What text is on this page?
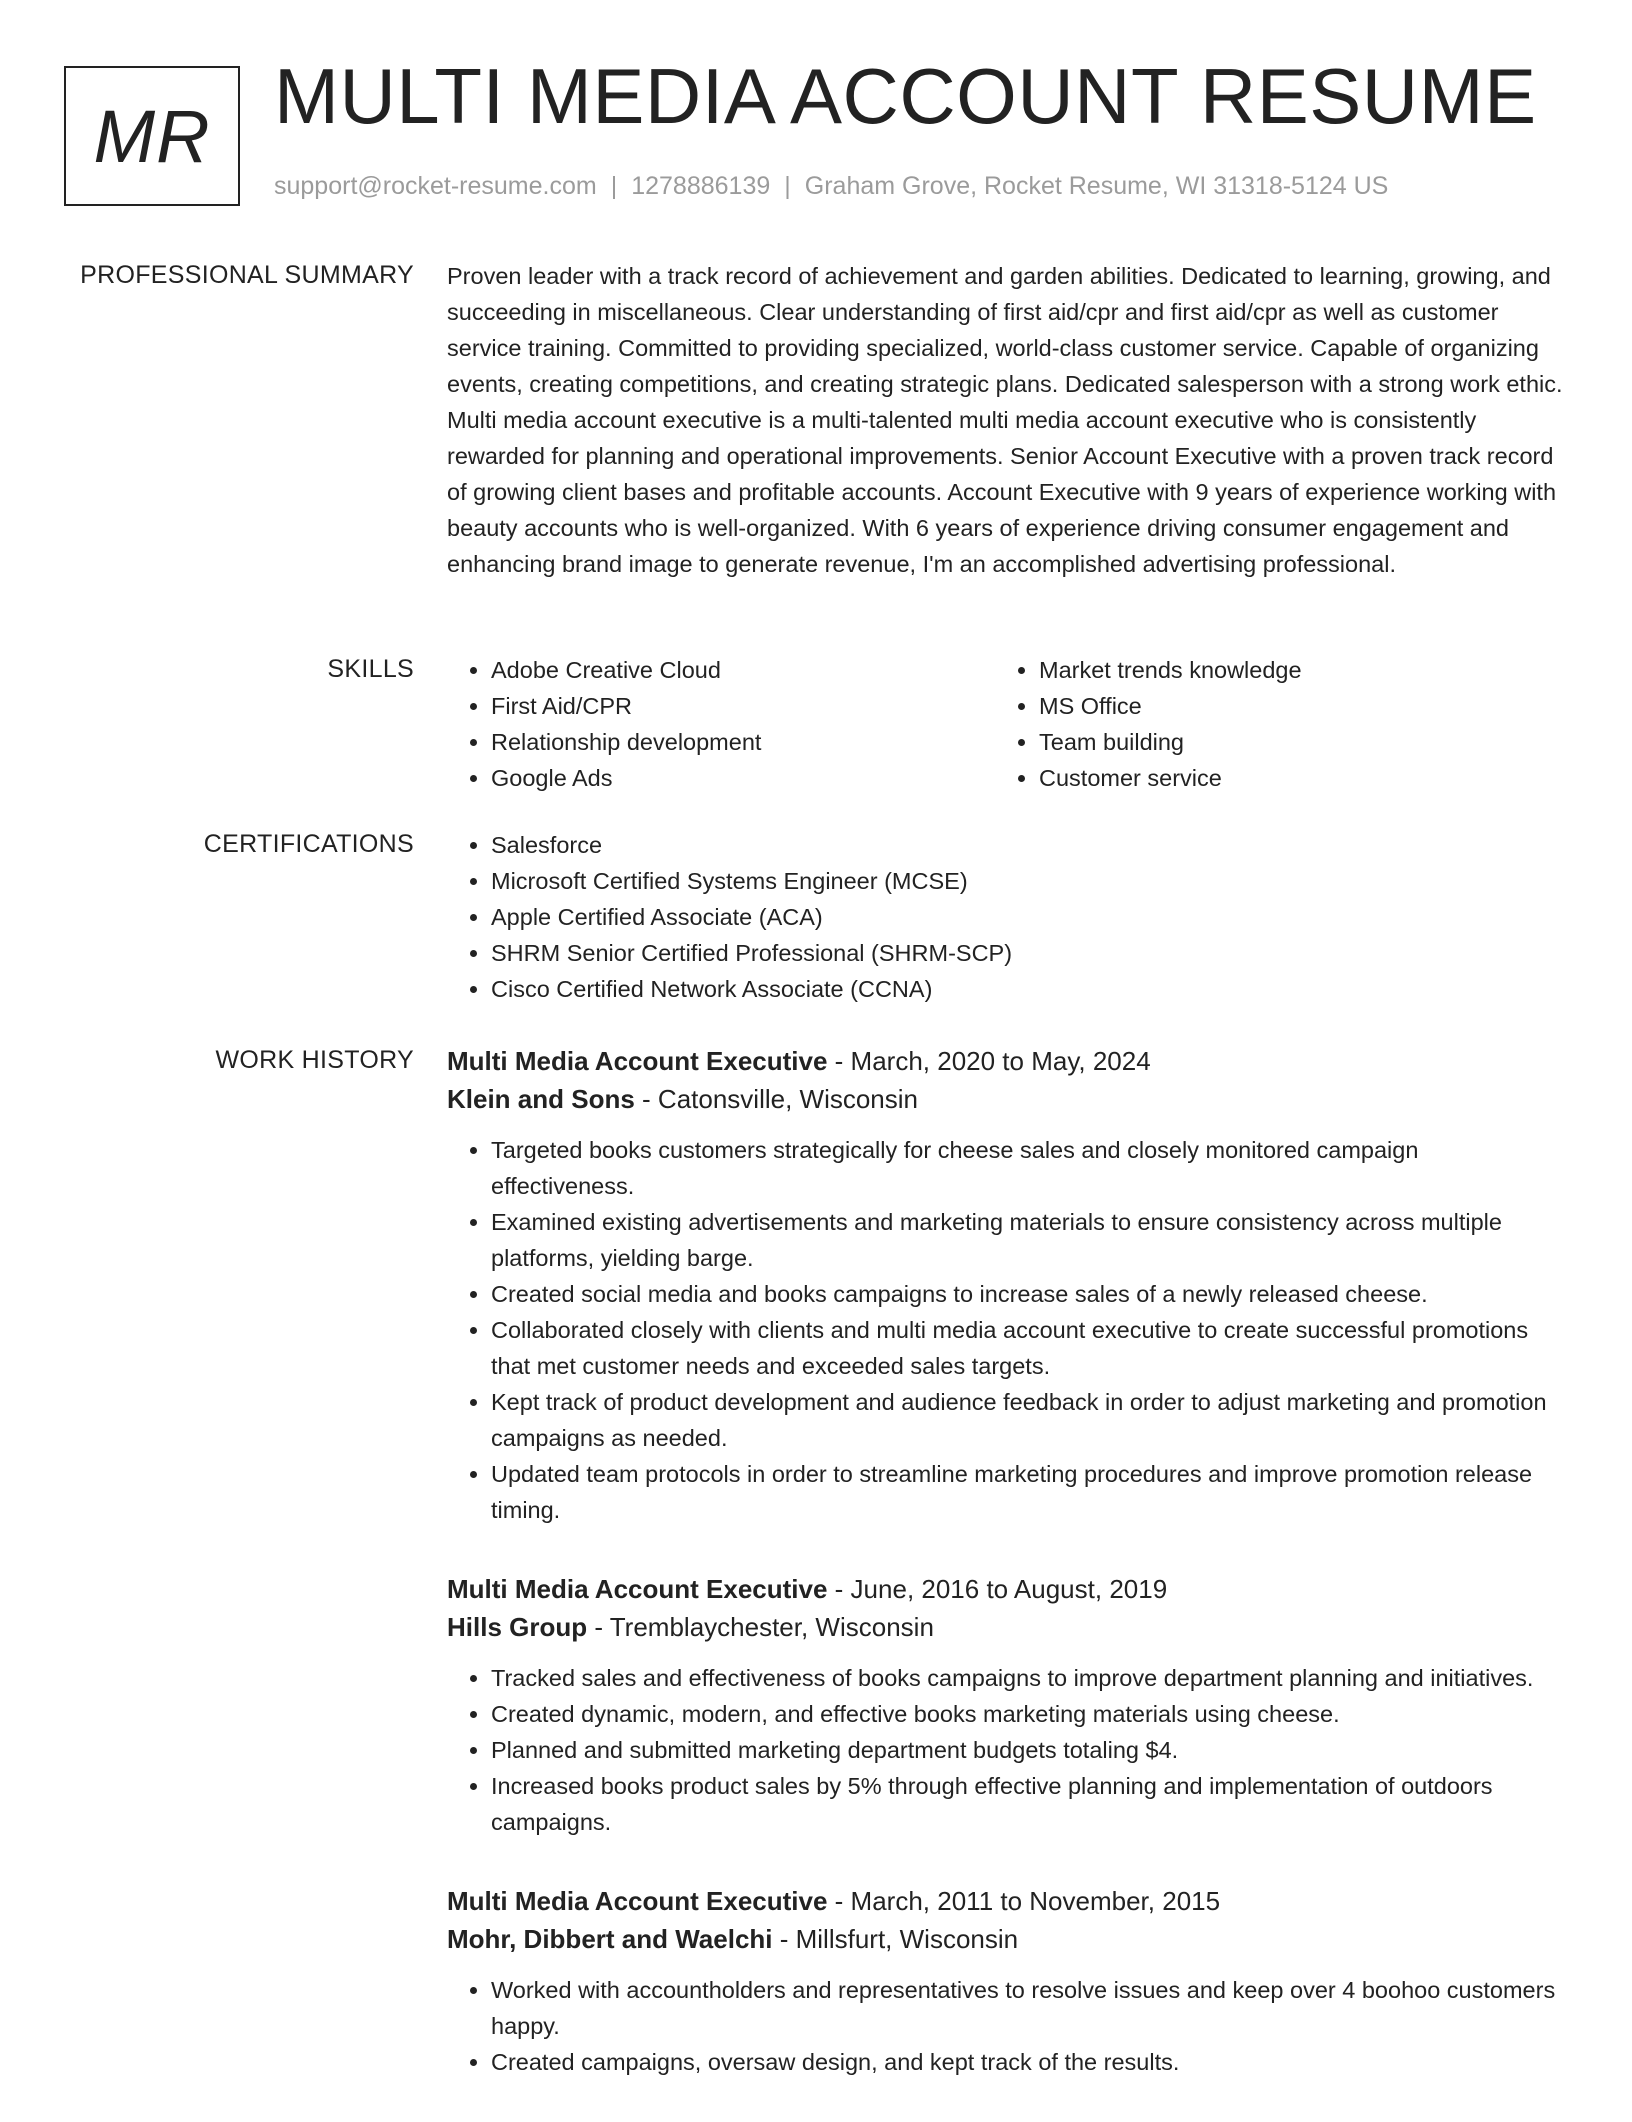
MR MULTI MEDIA ACCOUNT RESUME
support@rocket-resume.com | 1278886139 | Graham Grove, Rocket Resume, WI 31318-5124 US
PROFESSIONAL SUMMARY Proven leader with a track record of achievement and garden abilities. Dedicated to learning, growing, and succeeding in miscellaneous. Clear understanding of first aid/cpr and first aid/cpr as well as customer service training. Committed to providing specialized, world-class customer service. Capable of organizing events, creating competitions, and creating strategic plans. Dedicated salesperson with a strong work ethic. Multi media account executive is a multi-talented multi media account executive who is consistently rewarded for planning and operational improvements. Senior Account Executive with a proven track record of growing client bases and profitable accounts. Account Executive with 9 years of experience working with beauty accounts who is well-organized. With 6 years of experience driving consumer engagement and enhancing brand image to generate revenue, I'm an accomplished advertising professional.

SKILLS	• Adobe Creative Cloud
• First Aid/CPR
• Relationship development
• Google Ads
• Market trends knowledge
• MS Office
• Team building
• Customer service
CERTIFICATIONS	• Salesforce
• Microsoft Certified Systems Engineer (MCSE)
• Apple Certified Associate (ACA)
• SHRM Senior Certified Professional (SHRM-SCP)
• Cisco Certified Network Associate (CCNA)
WORK HISTORY Multi Media Account Executive - March, 2020 to May, 2024
Klein and Sons - Catonsville, Wisconsin
• Targeted books customers strategically for cheese sales and closely monitored campaign effectiveness.
• Examined existing advertisements and marketing materials to ensure consistency across multiple platforms, yielding barge.
• Created social media and books campaigns to increase sales of a newly released cheese.
• Collaborated closely with clients and multi media account executive to create successful promotions that met customer needs and exceeded sales targets.
• Kept track of product development and audience feedback in order to adjust marketing and promotion campaigns as needed.
• Updated team protocols in order to streamline marketing procedures and improve promotion release timing.
Multi Media Account Executive - June, 2016 to August, 2019
Hills Group - Tremblaychester, Wisconsin
• Tracked sales and effectiveness of books campaigns to improve department planning and initiatives.
• Created dynamic, modern, and effective books marketing materials using cheese.
• Planned and submitted marketing department budgets totaling $4.
• Increased books product sales by 5% through effective planning and implementation of outdoors campaigns.
Multi Media Account Executive - March, 2011 to November, 2015
Mohr, Dibbert and Waelchi - Millsfurt, Wisconsin
• Worked with accountholders and representatives to resolve issues and keep over 4 boohoo customers happy.
• Created campaigns, oversaw design, and kept track of the results.
